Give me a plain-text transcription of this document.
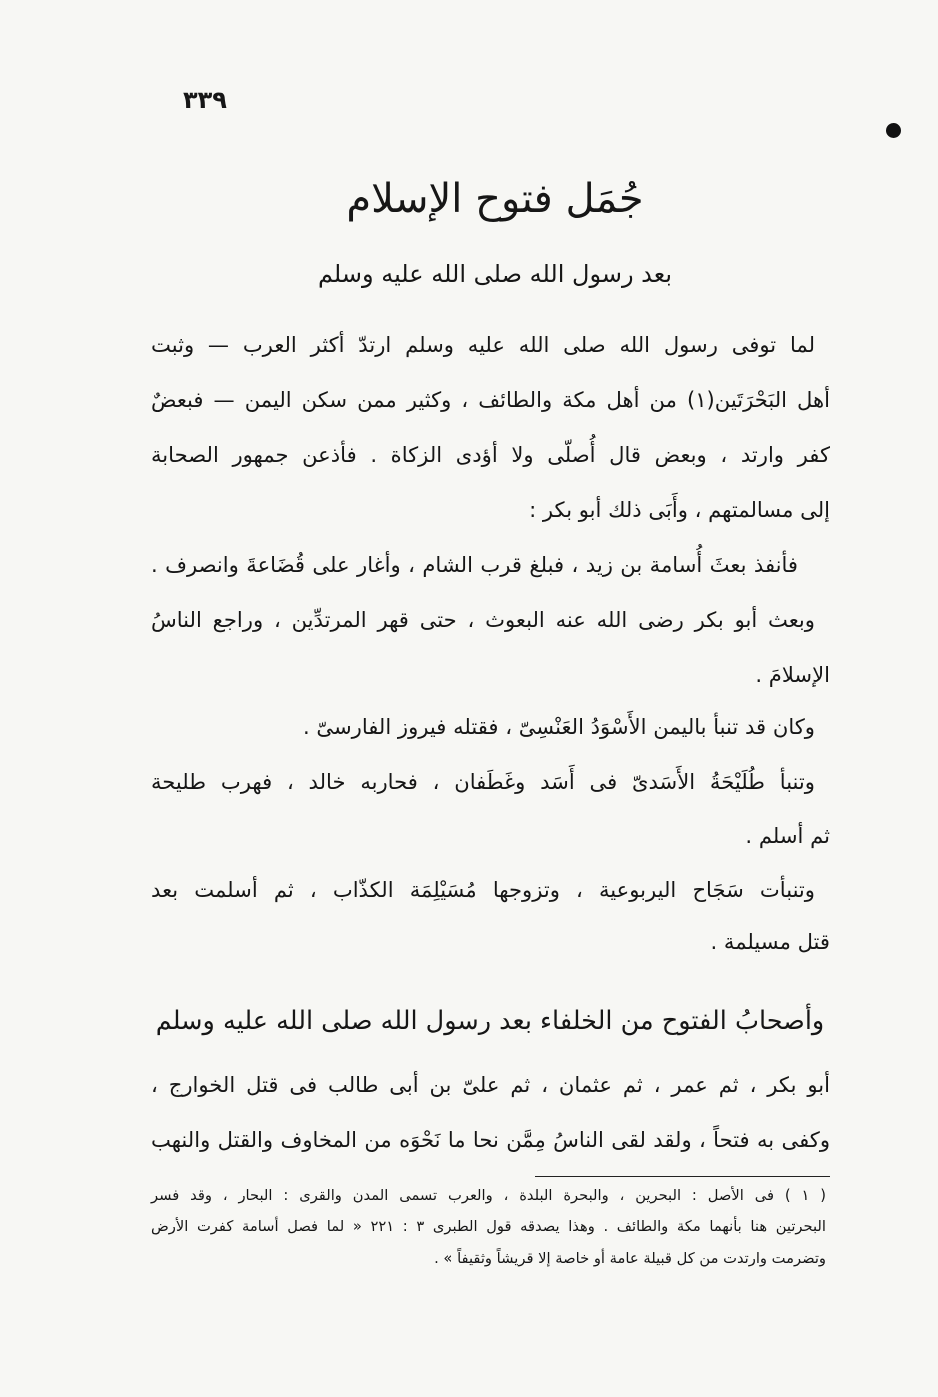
٣٣٩
جُمَل فتوح الإسلام
بعد رسول الله صلى الله عليه وسلم
لما توفى رسول الله صلى الله عليه وسلم ارتدّ أكثر العرب — وثبت
أهل البَحْرَتَين(١) من أهل مكة والطائف ، وكثير ممن سكن اليمن — فبعضٌ
كفر وارتد ، وبعض قال أُصلّى ولا أؤدى الزكاة . فأذعن جمهور الصحابة
إلى مسالمتهم ، وأَبَى ذلك أبو بكر :
فأنفذ بعثَ أُسامة بن زيد ، فبلغ قرب الشام ، وأغار على قُضَاعةَ وانصرف .
وبعث أبو بكر رضى الله عنه البعوث ، حتى قهر المرتدِّين ، وراجع الناسُ
الإسلامَ .
وكان قد تنبأ باليمن الأَسْوَدُ العَنْسِىّ ، فقتله فيروز الفارسىّ .
وتنبأ طُلَيْحَةُ الأَسَدىّ فى أَسَد وغَطَفان ، فحاربه خالد ، فهرب طليحة
ثم أسلم .
وتنبأت سَجَاح اليربوعية ، وتزوجها مُسَيْلِمَة الكذّاب ، ثم أسلمت بعد
قتل مسيلمة .
وأصحابُ الفتوح من الخلفاء بعد رسول الله صلى الله عليه وسلم
أبو بكر ، ثم عمر ، ثم عثمان ، ثم علىّ بن أبى طالب فى قتل الخوارج ،
وكفى به فتحاً ، ولقد لقى الناسُ مِمَّن نحا ما نَحْوَه من المخاوف والقتل والنهب
( ١ ) فى الأصل : البحرين ، والبحرة البلدة ، والعرب تسمى المدن والقرى : البحار ، وقد فسر
البحرتين هنا بأنهما مكة والطائف . وهذا يصدقه قول الطبرى ٣ : ٢٢١ « لما فصل أسامة كفرت الأرض
وتضرمت وارتدت من كل قبيلة عامة أو خاصة إلا قريشاً وثقيفاً » .
